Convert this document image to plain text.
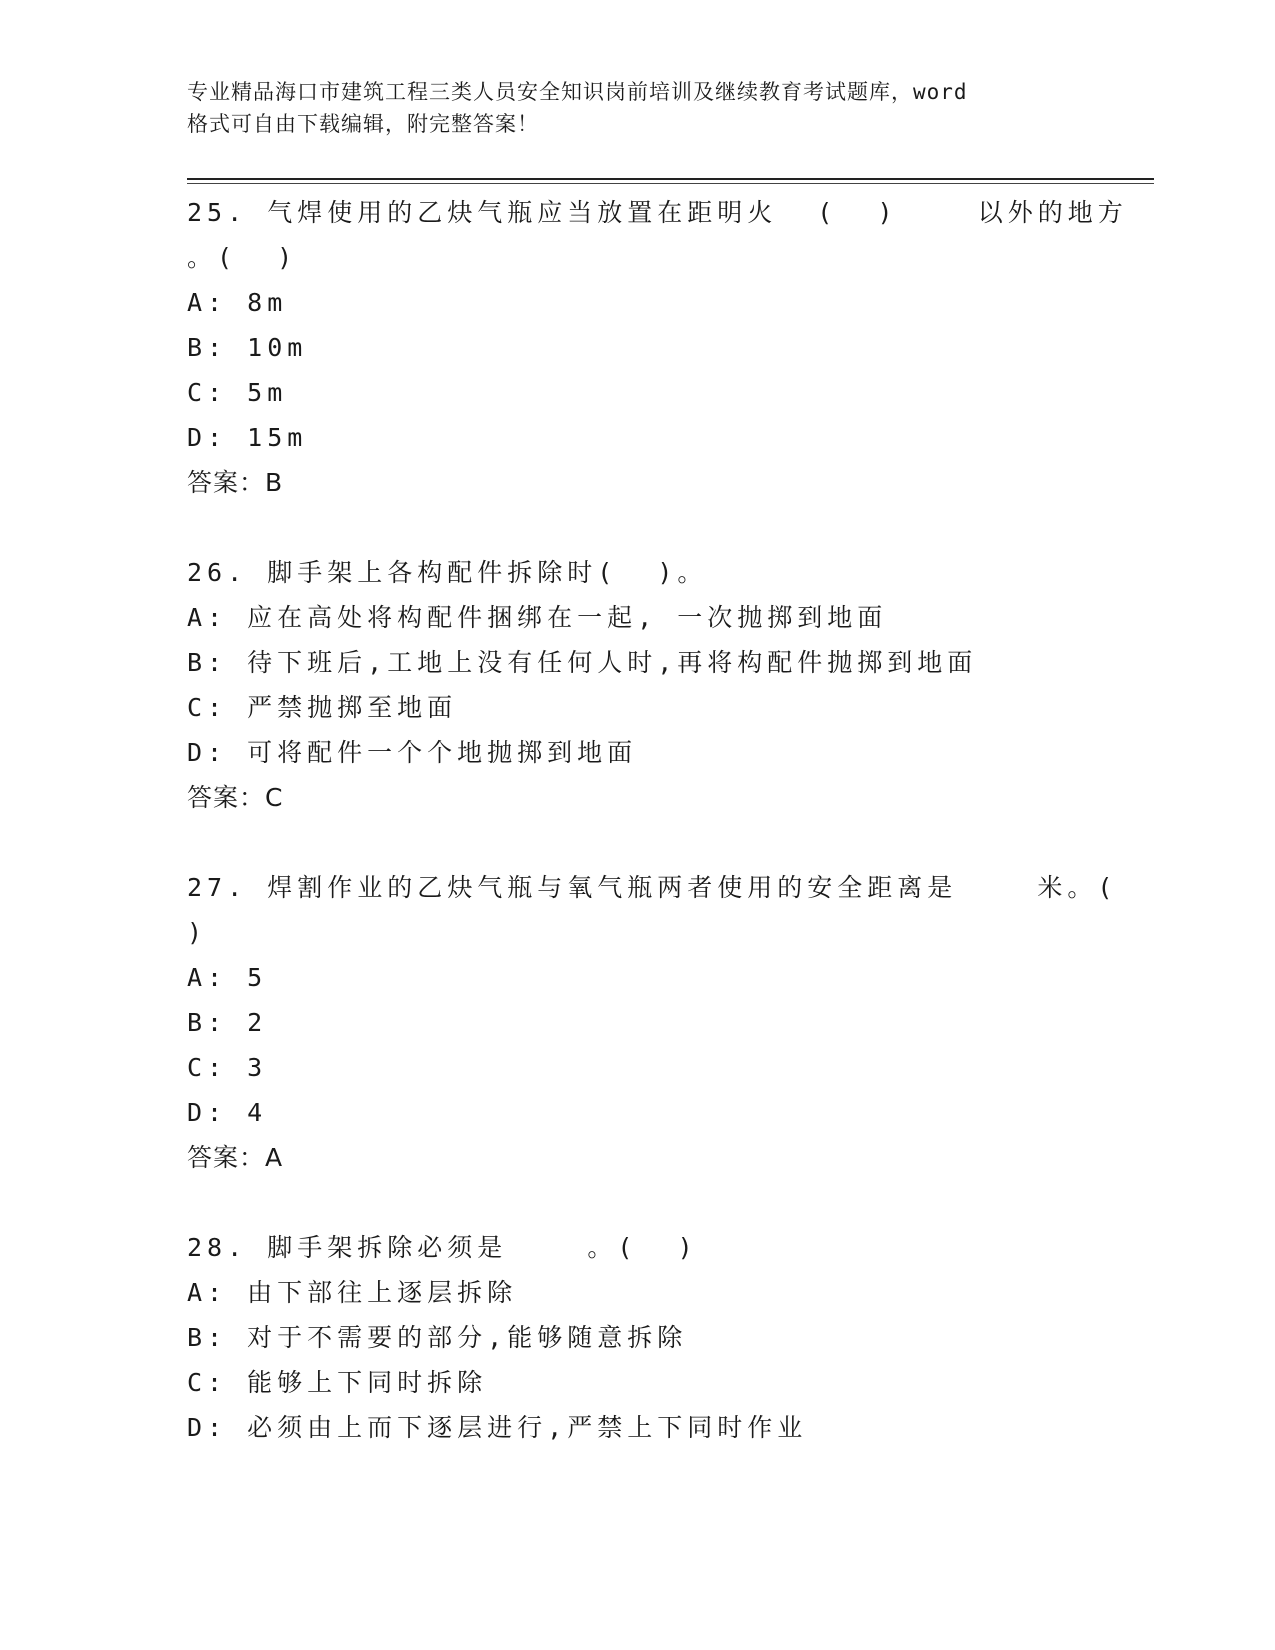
专业精品海口市建筑工程三类人员安全知识岗前培训及继续教育考试题库，word
格式可自由下载编辑，附完整答案！
25. 气焊使用的乙炔气瓶应当放置在距明火  (  )    以外的地方
。(  )
A: 8m
B: 10m
C: 5m
D: 15m
答案：B
26. 脚手架上各构配件拆除时(  )。
A: 应在高处将构配件捆绑在一起, 一次抛掷到地面
B: 待下班后,工地上没有任何人时,再将构配件抛掷到地面
C: 严禁抛掷至地面
D: 可将配件一个个地抛掷到地面
答案：C
27. 焊割作业的乙炔气瓶与氧气瓶两者使用的安全距离是    米。(
)
A: 5
B: 2
C: 3
D: 4
答案：A
28. 脚手架拆除必须是    。(  )
A: 由下部往上逐层拆除
B: 对于不需要的部分,能够随意拆除
C: 能够上下同时拆除
D: 必须由上而下逐层进行,严禁上下同时作业
